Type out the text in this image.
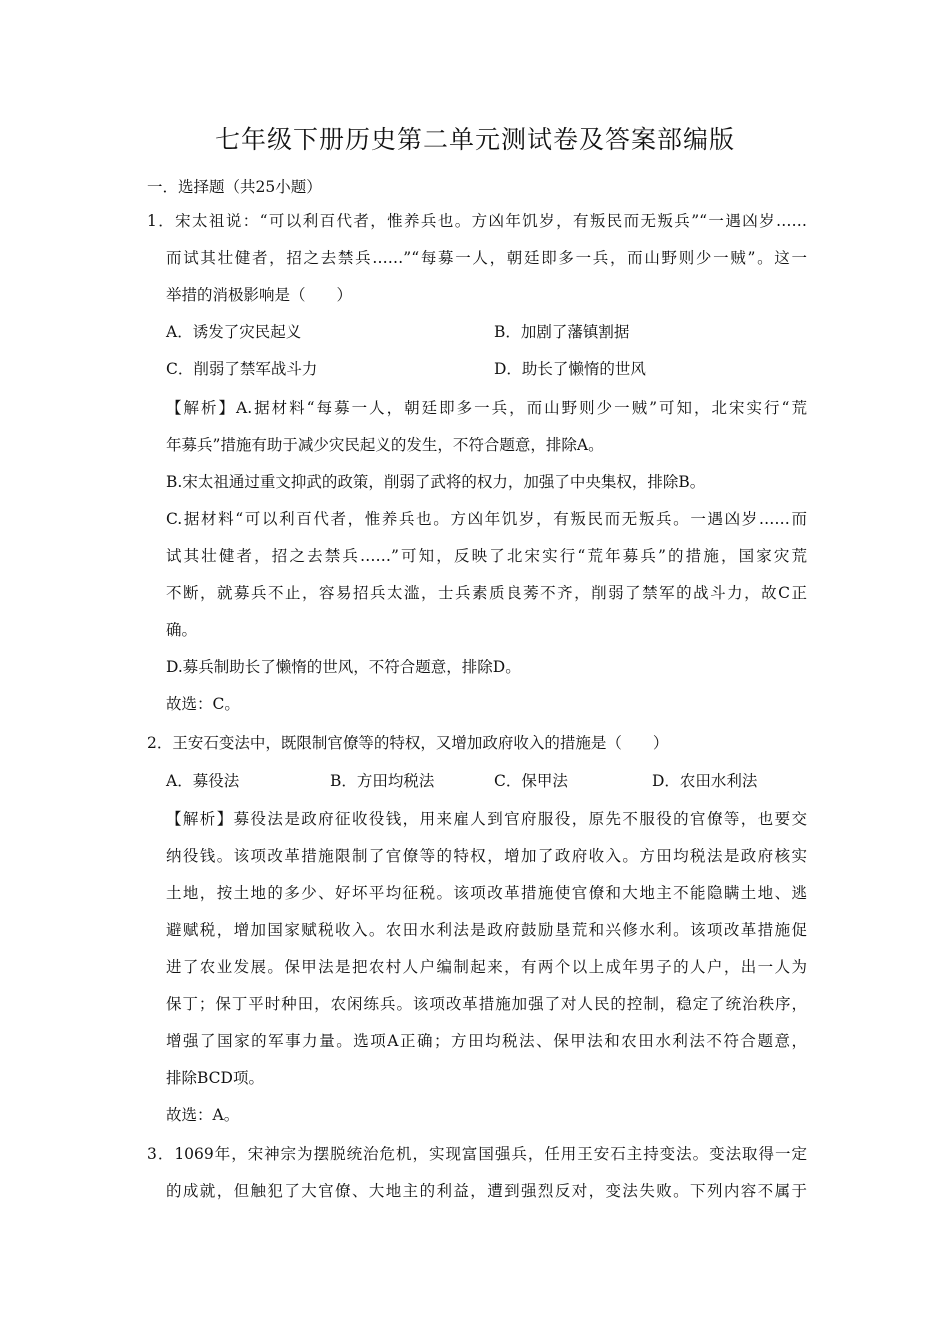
七年级下册历史第二单元测试卷及答案部编版
一．选择题（共25小题）
1．宋太祖说：“可以利百代者，惟养兵也。方凶年饥岁，有叛民而无叛兵”“一遇凶岁……
而试其壮健者，招之去禁兵……”“每募一人，朝廷即多一兵，而山野则少一贼”。这一
举措的消极影响是（　　）
A．诱发了灾民起义	B．加剧了藩镇割据
C．削弱了禁军战斗力	D．助长了懒惰的世风
【解析】A.据材料“每募一人，朝廷即多一兵，而山野则少一贼”可知，北宋实行“荒
年募兵”措施有助于减少灾民起义的发生，不符合题意，排除A。
B.宋太祖通过重文抑武的政策，削弱了武将的权力，加强了中央集权，排除B。
C.据材料“可以利百代者，惟养兵也。方凶年饥岁，有叛民而无叛兵。一遇凶岁……而
试其壮健者，招之去禁兵……”可知，反映了北宋实行“荒年募兵”的措施，国家灾荒
不断，就募兵不止，容易招兵太滥，士兵素质良莠不齐，削弱了禁军的战斗力，故C正
确。
D.募兵制助长了懒惰的世风，不符合题意，排除D。
故选：C。
2．王安石变法中，既限制官僚等的特权，又增加政府收入的措施是（　　）
A．募役法	B．方田均税法	C．保甲法	D．农田水利法
【解析】募役法是政府征收役钱，用来雇人到官府服役，原先不服役的官僚等，也要交
纳役钱。该项改革措施限制了官僚等的特权，增加了政府收入。方田均税法是政府核实
土地，按土地的多少、好坏平均征税。该项改革措施使官僚和大地主不能隐瞒土地、逃
避赋税，增加国家赋税收入。农田水利法是政府鼓励垦荒和兴修水利。该项改革措施促
进了农业发展。保甲法是把农村人户编制起来，有两个以上成年男子的人户，出一人为
保丁；保丁平时种田，农闲练兵。该项改革措施加强了对人民的控制，稳定了统治秩序，
增强了国家的军事力量。选项A正确；方田均税法、保甲法和农田水利法不符合题意，
排除BCD项。
故选：A。
3．1069年，宋神宗为摆脱统治危机，实现富国强兵，任用王安石主持变法。变法取得一定
的成就，但触犯了大官僚、大地主的利益，遭到强烈反对，变法失败。下列内容不属于
